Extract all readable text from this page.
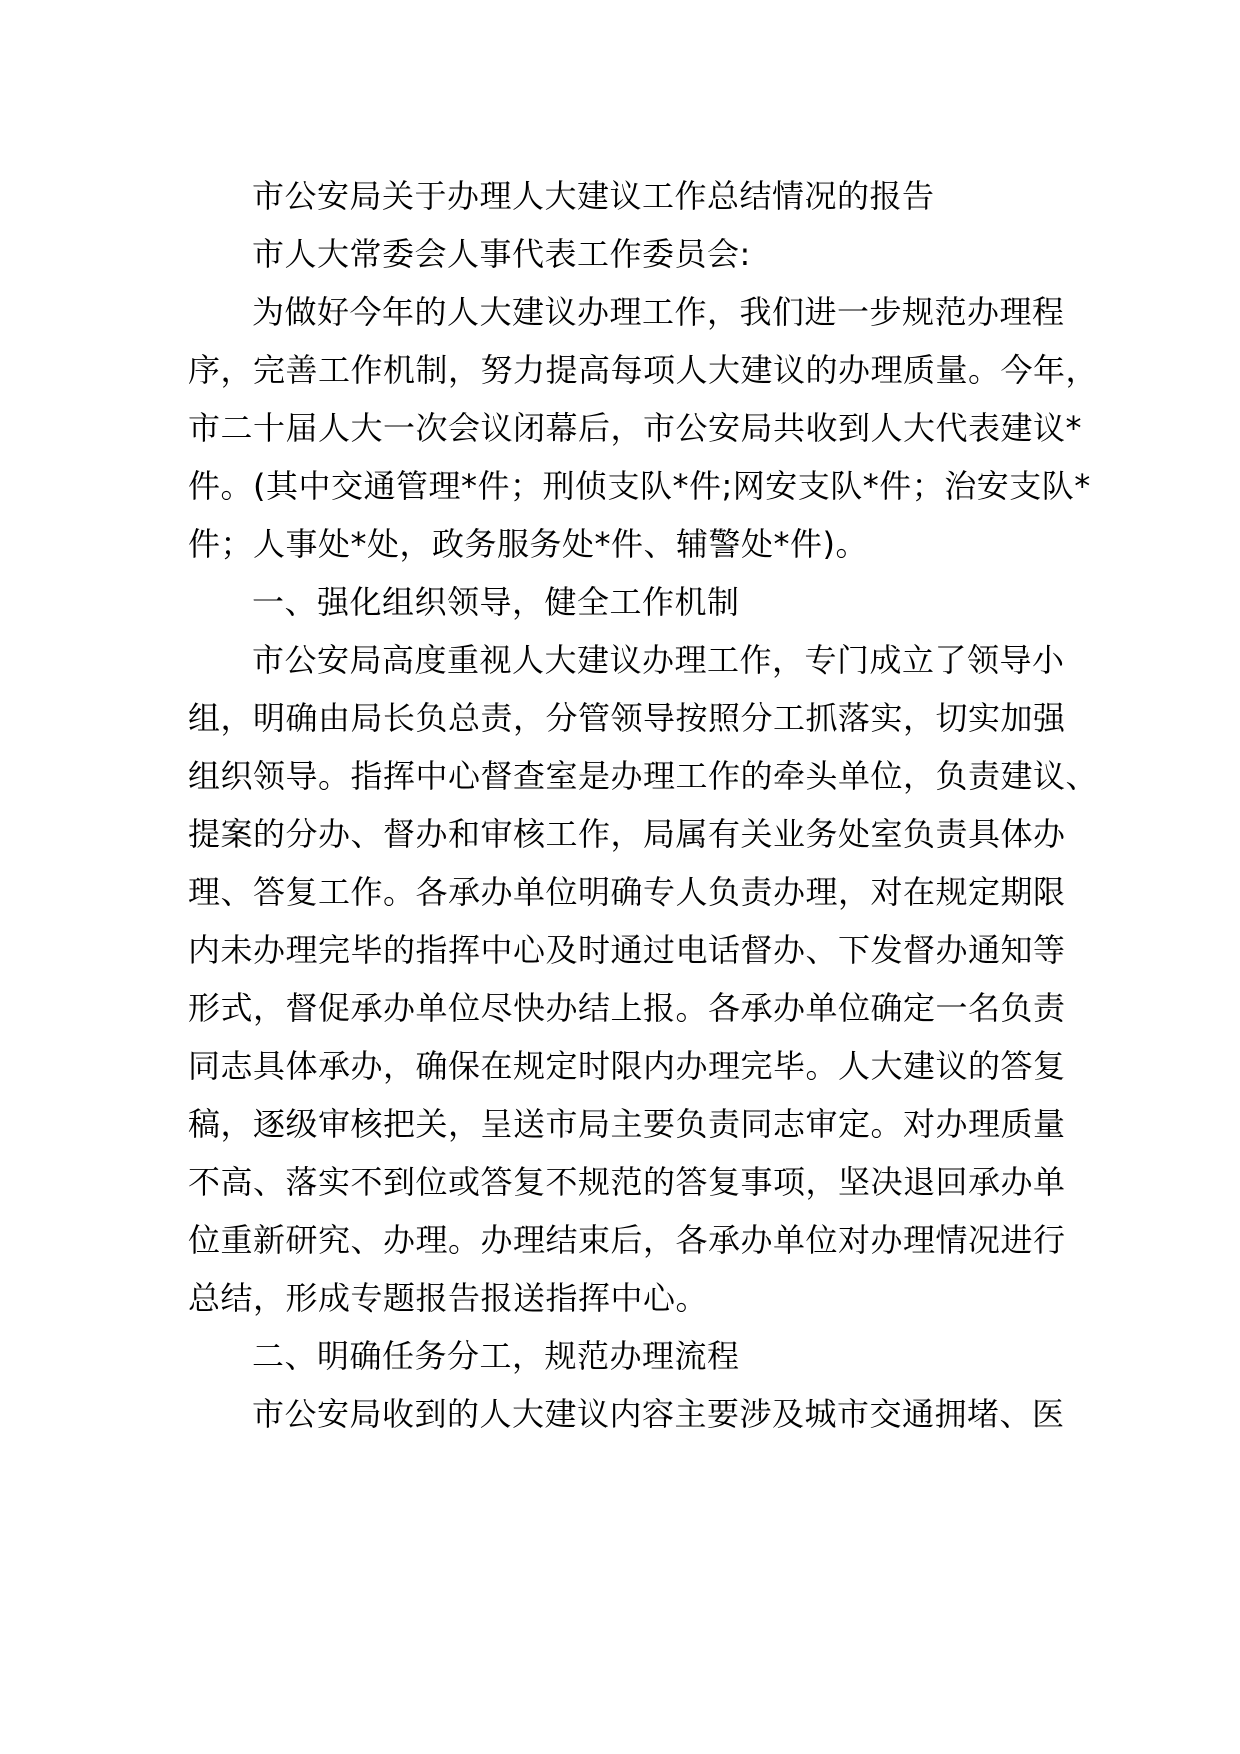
市公安局关于办理人大建议工作总结情况的报告
市人大常委会人事代表工作委员会:
为做好今年的人大建议办理工作，我们进一步规范办理程
序，完善工作机制，努力提高每项人大建议的办理质量。今年，
市二十届人大一次会议闭幕后，市公安局共收到人大代表建议*
件。(其中交通管理*件；刑侦支队*件;网安支队*件；治安支队*
件；人事处*处，政务服务处*件、辅警处*件)。
一、强化组织领导，健全工作机制
市公安局高度重视人大建议办理工作，专门成立了领导小
组，明确由局长负总责，分管领导按照分工抓落实，切实加强
组织领导。指挥中心督查室是办理工作的牵头单位，负责建议、
提案的分办、督办和审核工作，局属有关业务处室负责具体办
理、答复工作。各承办单位明确专人负责办理，对在规定期限
内未办理完毕的指挥中心及时通过电话督办、下发督办通知等
形式，督促承办单位尽快办结上报。各承办单位确定一名负责
同志具体承办，确保在规定时限内办理完毕。人大建议的答复
稿，逐级审核把关，呈送市局主要负责同志审定。对办理质量
不高、落实不到位或答复不规范的答复事项，坚决退回承办单
位重新研究、办理。办理结束后，各承办单位对办理情况进行
总结，形成专题报告报送指挥中心。
二、明确任务分工，规范办理流程
市公安局收到的人大建议内容主要涉及城市交通拥堵、医
